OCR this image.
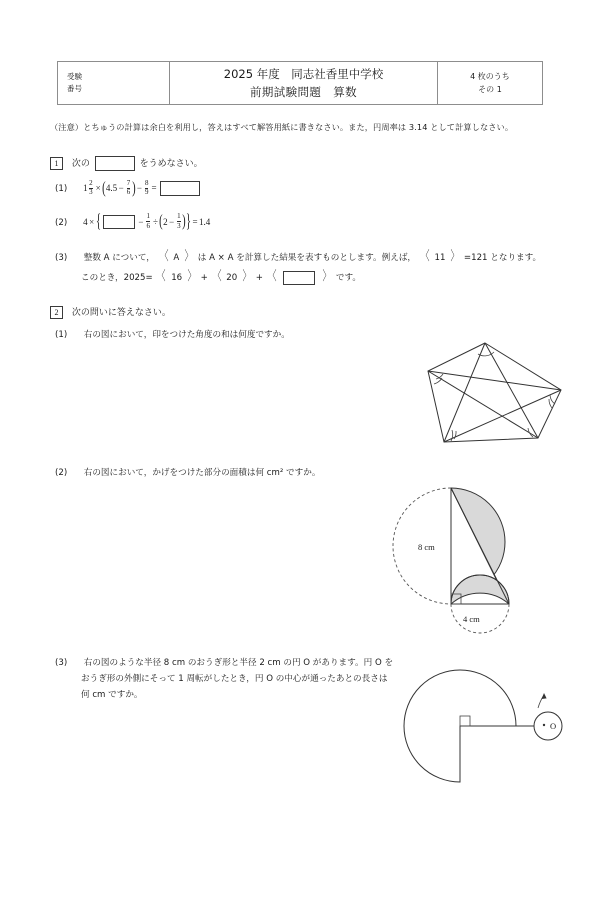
受験
番号
2025 年度　同志社香里中学校
前期試験問題　算数
4 枚のうち
その 1
（注意）とちゅうの計算は余白を利用し，答えはすべて解答用紙に書きなさい。また，円周率は 3.14 として計算しなさい。
1 次の	をうめなさい。
(1) $1 \frac{2}{3}$ × ( $4.5 - \frac{7}{6}$ ) − $\frac{8}{9}$ =
(2) 4 × {	− $\frac{1}{6}$ ÷ ( $2 - \frac{1}{3}$ ) } = 1.4
(3) 整数 A について， 〈 A 〉 は A × A を計算した結果を表すものとします。例えば， 〈 11 〉 =121 となります。
このとき，2025= 〈 16 〉 + 〈 20 〉 + 〈	〉 です。
2 次の問いに答えなさい。
(1) 右の図において，印をつけた角度の和は何度ですか。
(2) 右の図において，かげをつけた部分の面積は何 cm² ですか。
8 cm
4 cm
(3) 右の図のような半径 8 cm のおうぎ形と半径 2 cm の円 O があります。円 O を
おうぎ形の外側にそって 1 周転がしたとき，円 O の中心が通ったあとの長さは
何 cm ですか。
O
